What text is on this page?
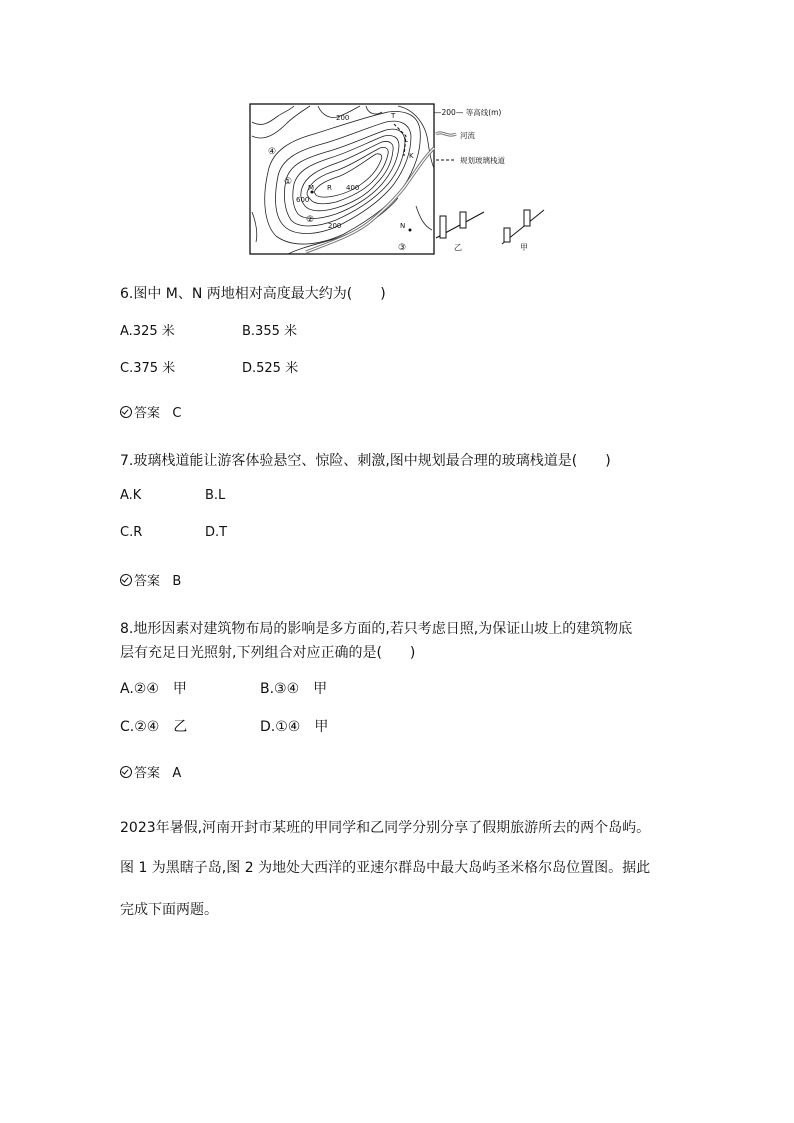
200
400
600
200
T
L
K
M R
N
④
①
②
③
—200— 等高线(m)
河流
规划玻璃栈道
乙	甲
6.图中 M、N 两地相对高度最大约为(　　)
A.325 米	B.355 米
C.375 米	D.525 米
答案 C
7.玻璃栈道能让游客体验悬空、惊险、刺激,图中规划最合理的玻璃栈道是(　　)
A.K	B.L
C.R	D.T
答案 B
8.地形因素对建筑物布局的影响是多方面的,若只考虑日照,为保证山坡上的建筑物底
层有充足日光照射,下列组合对应正确的是(　　)
A.②④　甲	B.③④　甲
C.②④　乙	D.①④　甲
答案 A
2023年暑假,河南开封市某班的甲同学和乙同学分别分享了假期旅游所去的两个岛屿。
图 1 为黑瞎子岛,图 2 为地处大西洋的亚速尔群岛中最大岛屿圣米格尔岛位置图。据此
完成下面两题。
